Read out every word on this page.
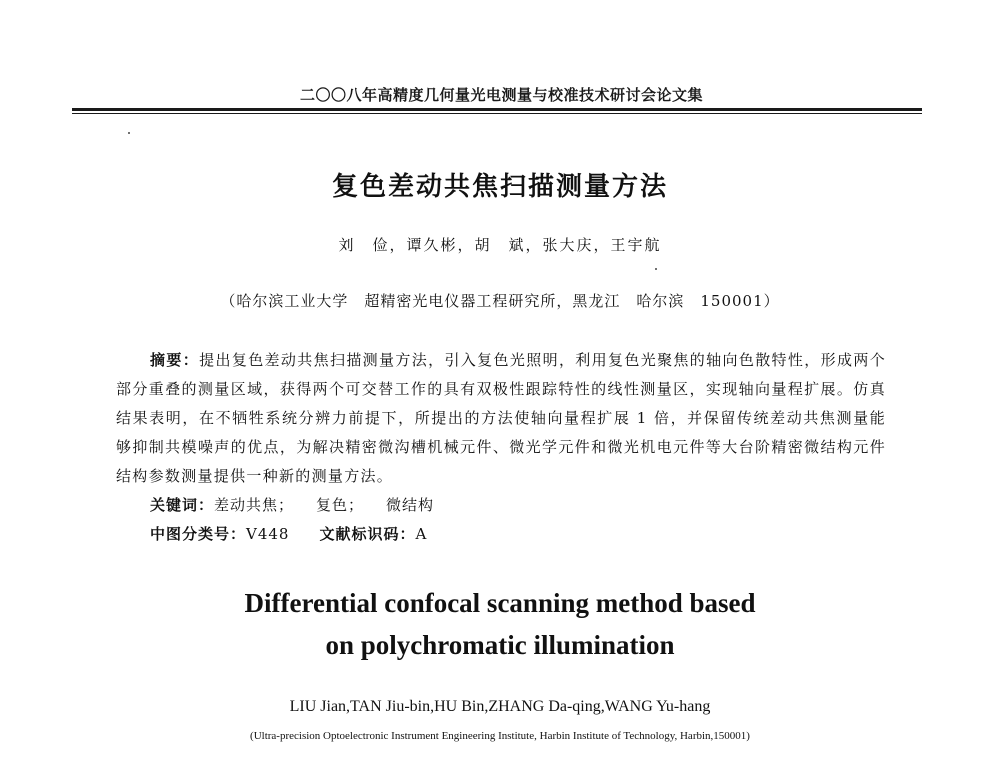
二〇〇八年高精度几何量光电测量与校准技术研讨会论文集
复色差动共焦扫描测量方法
刘　俭，谭久彬，胡　斌，张大庆，王宇航
（哈尔滨工业大学　超精密光电仪器工程研究所，黑龙江　哈尔滨　150001）
摘要：提出复色差动共焦扫描测量方法，引入复色光照明，利用复色光聚焦的轴向色散特性，形成两个部分重叠的测量区域，获得两个可交替工作的具有双极性跟踪特性的线性测量区，实现轴向量程扩展。仿真结果表明，在不牺牲系统分辨力前提下，所提出的方法使轴向量程扩展 1 倍，并保留传统差动共焦测量能够抑制共模噪声的优点，为解决精密微沟槽机械元件、微光学元件和微光机电元件等大台阶精密微结构元件结构参数测量提供一种新的测量方法。
关键词：差动共焦； 复色； 微结构
中图分类号：V448 文献标识码：A
Differential confocal scanning method based
on polychromatic illumination
LIU Jian,TAN Jiu-bin,HU Bin,ZHANG Da-qing,WANG Yu-hang
(Ultra-precision Optoelectronic Instrument Engineering Institute, Harbin Institute of Technology, Harbin,150001)
